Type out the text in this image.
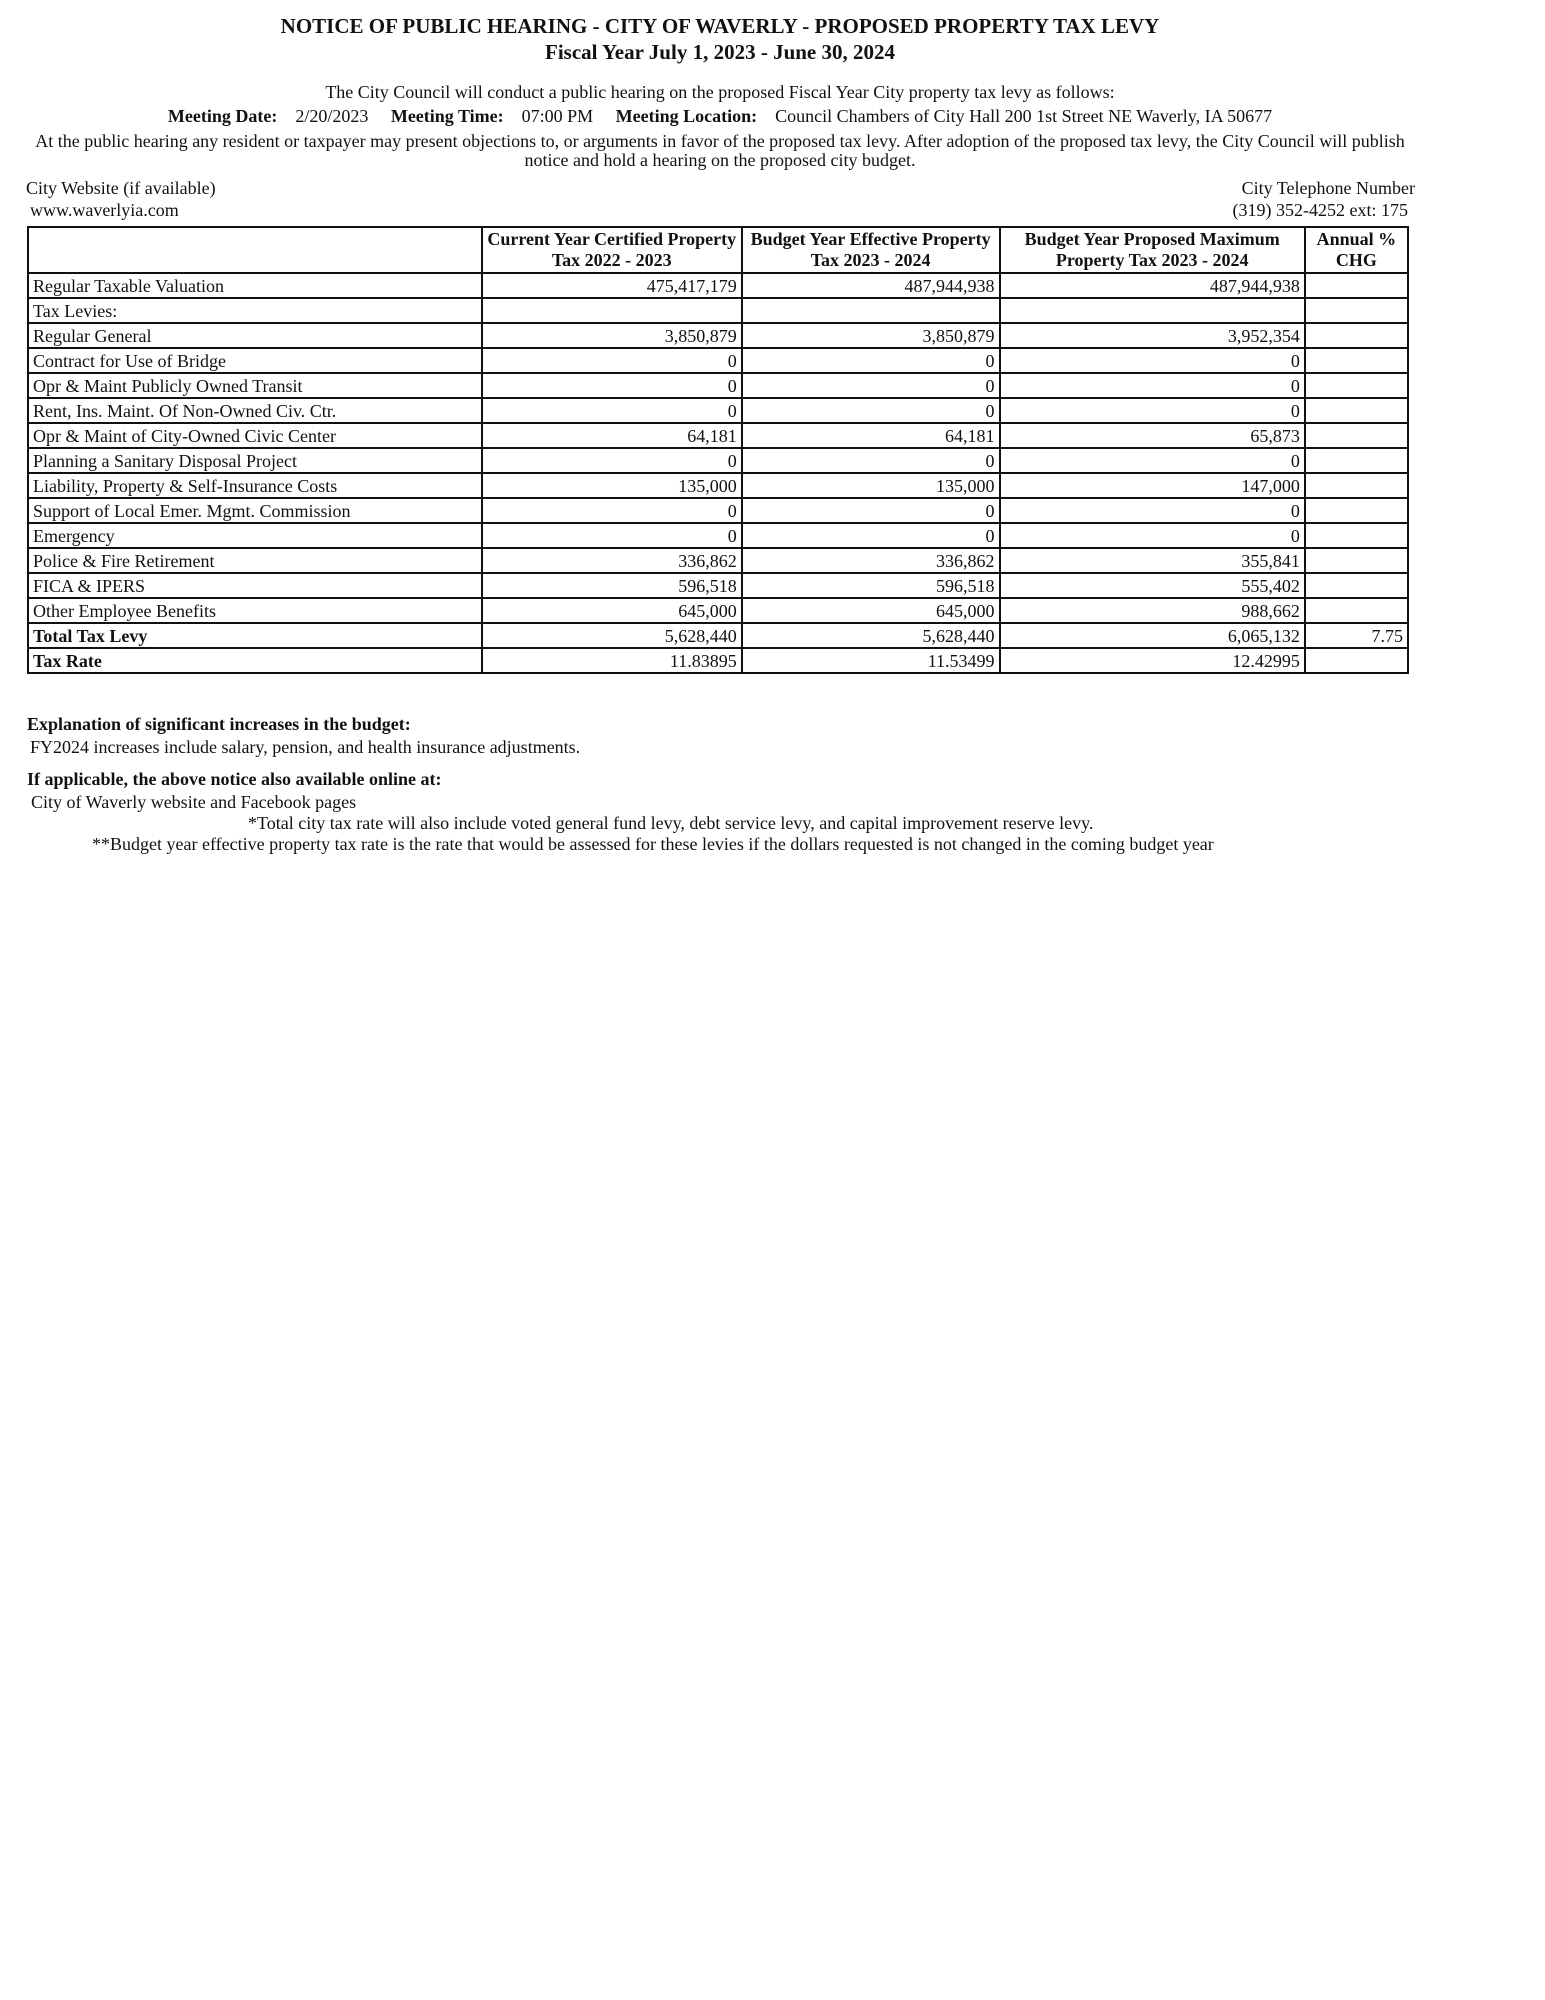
NOTICE OF PUBLIC HEARING - CITY OF WAVERLY - PROPOSED PROPERTY TAX LEVY
Fiscal Year July 1, 2023 - June 30, 2024
The City Council will conduct a public hearing on the proposed Fiscal Year City property tax levy as follows:
Meeting Date: 2/20/2023 Meeting Time: 07:00 PM Meeting Location: Council Chambers of City Hall 200 1st Street NE Waverly, IA 50677
At the public hearing any resident or taxpayer may present objections to, or arguments in favor of the proposed tax levy. After adoption of the proposed tax levy, the City Council will publish notice and hold a hearing on the proposed city budget.
City Website (if available)
www.waverlyia.com
City Telephone Number
(319) 352-4252 ext: 175
	Current Year Certified Property Tax 2022 - 2023	Budget Year Effective Property Tax 2023 - 2024	Budget Year Proposed Maximum Property Tax 2023 - 2024	Annual % CHG
Regular Taxable Valuation	475,417,179	487,944,938	487,944,938	
Tax Levies:				
Regular General	3,850,879	3,850,879	3,952,354	
Contract for Use of Bridge	0	0	0	
Opr & Maint Publicly Owned Transit	0	0	0	
Rent, Ins. Maint. Of Non-Owned Civ. Ctr.	0	0	0	
Opr & Maint of City-Owned Civic Center	64,181	64,181	65,873	
Planning a Sanitary Disposal Project	0	0	0	
Liability, Property & Self-Insurance Costs	135,000	135,000	147,000	
Support of Local Emer. Mgmt. Commission	0	0	0	
Emergency	0	0	0	
Police & Fire Retirement	336,862	336,862	355,841	
FICA & IPERS	596,518	596,518	555,402	
Other Employee Benefits	645,000	645,000	988,662	
Total Tax Levy	5,628,440	5,628,440	6,065,132	7.75
Tax Rate	11.83895	11.53499	12.42995	
Explanation of significant increases in the budget:
FY2024 increases include salary, pension, and health insurance adjustments.
If applicable, the above notice also available online at:
City of Waverly website and Facebook pages
*Total city tax rate will also include voted general fund levy, debt service levy, and capital improvement reserve levy.
**Budget year effective property tax rate is the rate that would be assessed for these levies if the dollars requested is not changed in the coming budget year
